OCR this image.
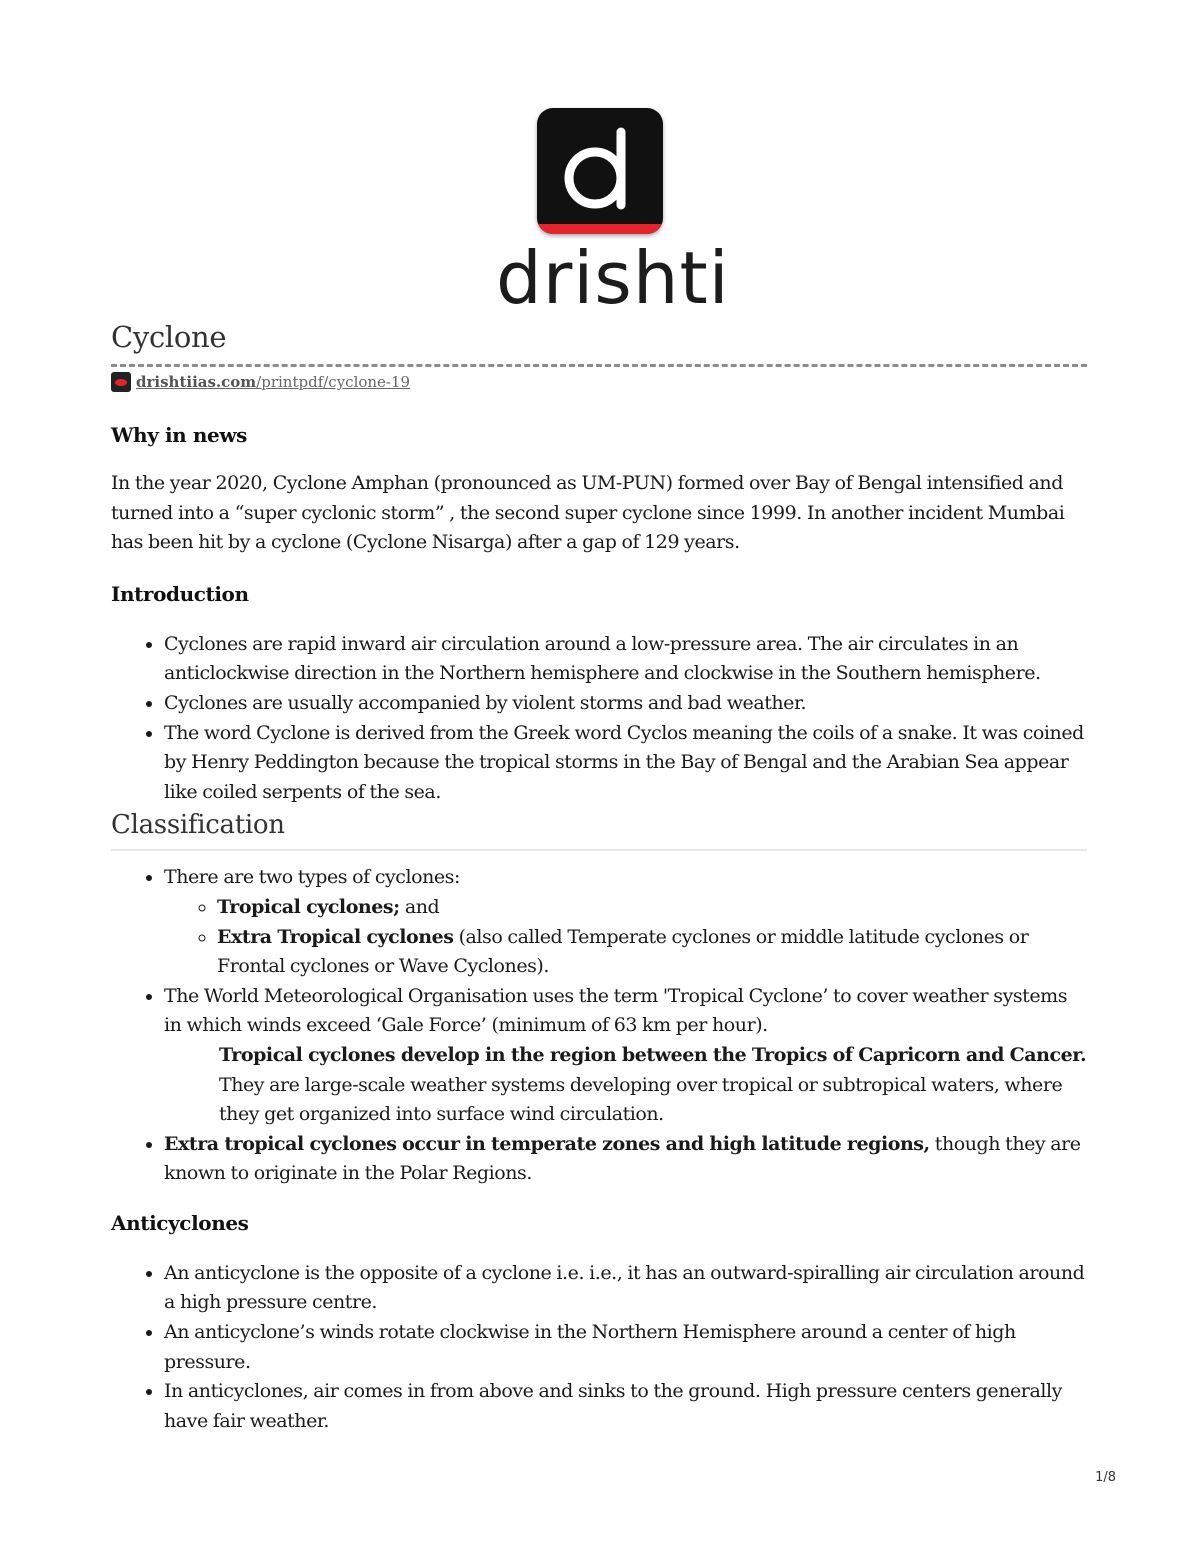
drishti
Cyclone
drishtiias.com/printpdf/cyclone-19
Why in news

In the year 2020, Cyclone Amphan (pronounced as UM-PUN) formed over Bay of Bengal intensified and turned into a “super cyclonic storm” , the second super cyclone since 1999. In another incident Mumbai has been hit by a cyclone (Cyclone Nisarga) after a gap of 129 years.

Introduction
• Cyclones are rapid inward air circulation around a low-pressure area. The air circulates in an anticlockwise direction in the Northern hemisphere and clockwise in the Southern hemisphere.
• Cyclones are usually accompanied by violent storms and bad weather.
• The word Cyclone is derived from the Greek word Cyclos meaning the coils of a snake. It was coined by Henry Peddington because the tropical storms in the Bay of Bengal and the Arabian Sea appear like coiled serpents of the sea.
Classification
• There are two types of cyclones:
◦ Tropical cyclones; and
◦ Extra Tropical cyclones (also called Temperate cyclones or middle latitude cyclones or Frontal cyclones or Wave Cyclones).
• The World Meteorological Organisation uses the term 'Tropical Cyclone’ to cover weather systems in which winds exceed ‘Gale Force’ (minimum of 63 km per hour).

Tropical cyclones develop in the region between the Tropics of Capricorn and Cancer. They are large-scale weather systems developing over tropical or subtropical waters, where they get organized into surface wind circulation.

• Extra tropical cyclones occur in temperate zones and high latitude regions, though they are known to originate in the Polar Regions.
Anticyclones
• An anticyclone is the opposite of a cyclone i.e. i.e., it has an outward-spiralling air circulation around a high pressure centre.
• An anticyclone’s winds rotate clockwise in the Northern Hemisphere around a center of high pressure.
• In anticyclones, air comes in from above and sinks to the ground. High pressure centers generally have fair weather.
1/8
